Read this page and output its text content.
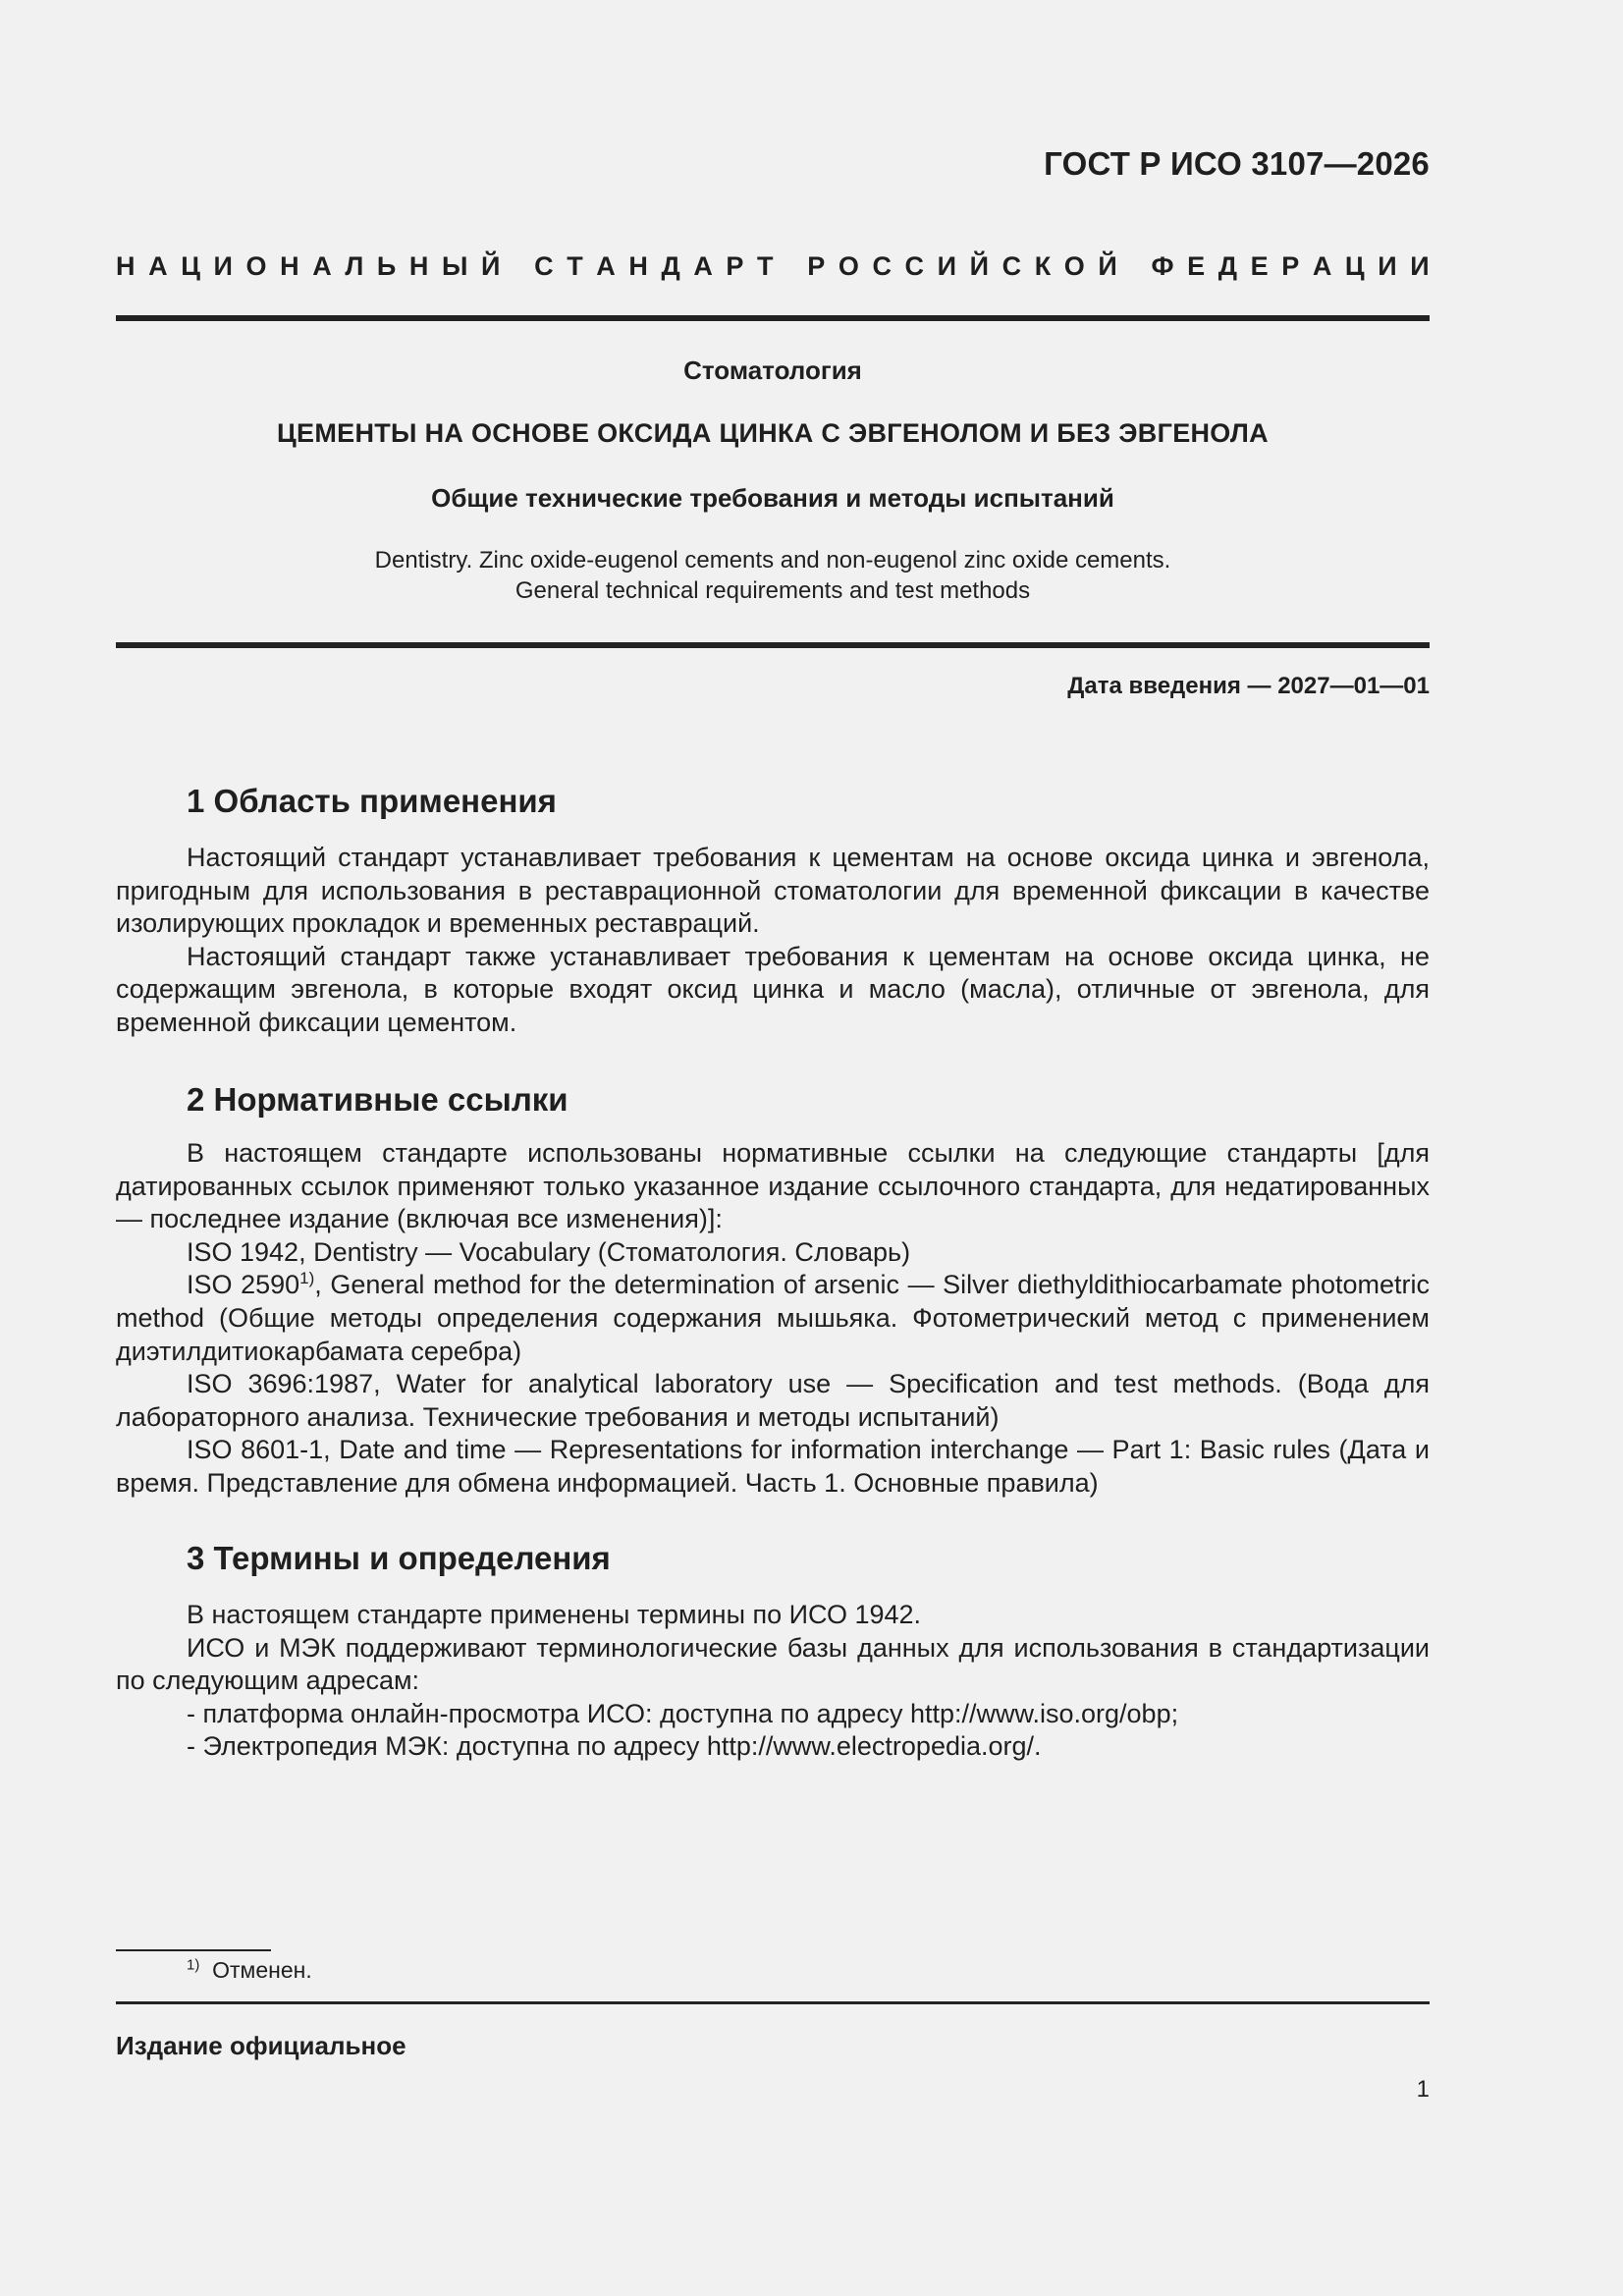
ГОСТ Р ИСО 3107—2026

Н А Ц И О Н А Л Ь Н Ы Й
С Т А Н Д А Р Т
Р О С С И Й С К О Й
Ф Е Д Е Р А Ц И И

Стоматология

ЦЕМЕНТЫ НА ОСНОВЕ ОКСИДА ЦИНКА С ЭВГЕНОЛОМ И БЕЗ ЭВГЕНОЛА

Общие технические требования и методы испытаний

Dentistry. Zinc oxide-eugenol cements and non-eugenol zinc oxide cements.
General technical requirements and test methods

Дата введения — 2027—01—01

1 Область применения

Настоящий стандарт устанавливает требования к цементам на основе оксида цинка и эвгенола, пригодным для использования в реставрационной стоматологии для временной фиксации в качестве изолирующих прокладок и временных реставраций.

Настоящий стандарт также устанавливает требования к цементам на основе оксида цинка, не содержащим эвгенола, в которые входят оксид цинка и масло (масла), отличные от эвгенола, для временной фиксации цементом.

2 Нормативные ссылки

В настоящем стандарте использованы нормативные ссылки на следующие стандарты [для датированных ссылок применяют только указанное издание ссылочного стандарта, для недатированных — последнее издание (включая все изменения)]:

ISO 1942, Dentistry — Vocabulary (Стоматология. Словарь)

ISO 2590$^{1)}$, General method for the determination of arsenic — Silver diethyldithiocarbamate photometric method (Общие методы определения содержания мышьяка. Фотометрический метод с применением диэтилдитиокарбамата серебра)

ISO 3696:1987, Water for analytical laboratory use — Specification and test methods. (Вода для лабораторного анализа. Технические требования и методы испытаний)

ISO 8601-1, Date and time — Representations for information interchange — Part 1: Basic rules (Дата и время. Представление для обмена информацией. Часть 1. Основные правила)

3 Термины и определения

В настоящем стандарте применены термины по ИСО 1942.

ИСО и МЭК поддерживают терминологические базы данных для использования в стандартизации по следующим адресам:

- платформа онлайн-просмотра ИСО: доступна по адресу http://www.iso.org/obp;

- Электропедия МЭК: доступна по адресу http://www.electropedia.org/.

$^{1)}$ Отменен.

Издание официальное

1
